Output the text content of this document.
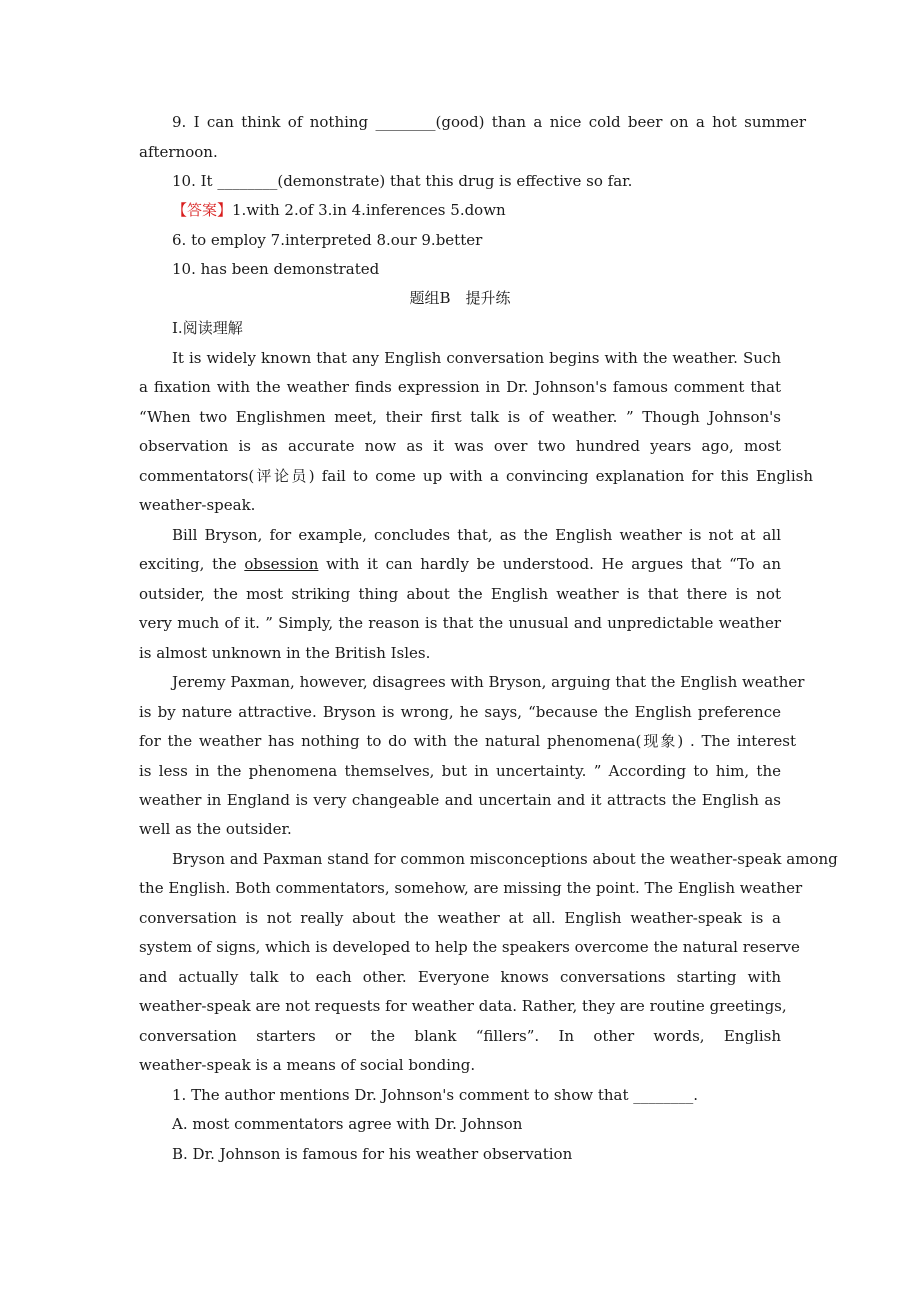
9. I can think of nothing ________(good) than a nice cold beer on a hot summer
afternoon.
10. It ________(demonstrate) that this drug is effective so far.
【答案】1.with 2.of 3.in 4.inferences 5.down
6. to employ 7.interpreted 8.our 9.better
10. has been demonstrated
题组B　提升练
Ⅰ.阅读理解
It is widely known that any English conversation begins with the weather. Such
a fixation with the weather finds expression in Dr. Johnson's famous comment that
“When two Englishmen meet, their first talk is of weather. ” Though Johnson's
observation is as accurate now as it was over two hundred years ago, most
commentators(评论员) fail to come up with a convincing explanation for this English
weather-speak.
Bill Bryson, for example, concludes that, as the English weather is not at all
exciting, the obsession with it can hardly be understood. He argues that “To an
outsider, the most striking thing about the English weather is that there is not
very much of it. ” Simply, the reason is that the unusual and unpredictable weather
is almost unknown in the British Isles.
Jeremy Paxman, however, disagrees with Bryson, arguing that the English weather
is by nature attractive. Bryson is wrong, he says, “because the English preference
for the weather has nothing to do with the natural phenomena(现象) . The interest
is less in the phenomena themselves, but in uncertainty. ” According to him, the
weather in England is very changeable and uncertain and it attracts the English as
well as the outsider.
Bryson and Paxman stand for common misconceptions about the weather-speak among
the English. Both commentators, somehow, are missing the point. The English weather
conversation is not really about the weather at all. English weather-speak is a
system of signs, which is developed to help the speakers overcome the natural reserve
and actually talk to each other. Everyone knows conversations starting with
weather-speak are not requests for weather data. Rather, they are routine greetings,
conversation starters or the blank “fillers”. In other words, English
weather-speak is a means of social bonding.
1. The author mentions Dr. Johnson's comment to show that ________.
A. most commentators agree with Dr. Johnson
B. Dr. Johnson is famous for his weather observation
